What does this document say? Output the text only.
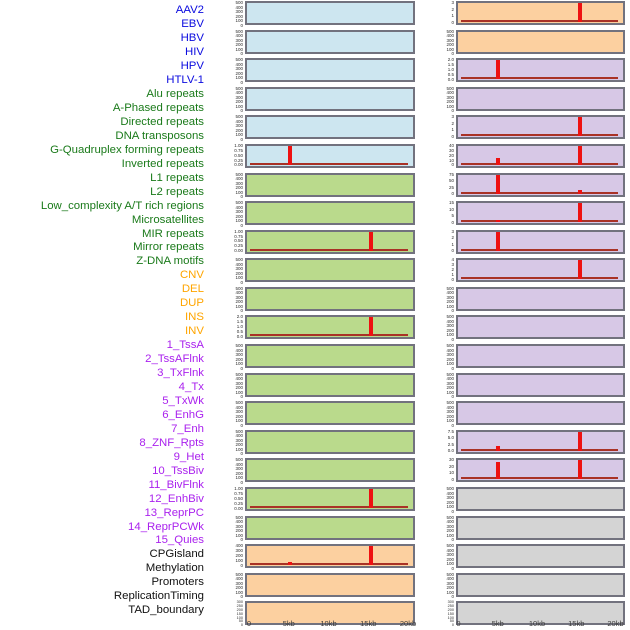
AAV2
EBV
HBV
HIV
HPV
HTLV-1
Alu repeats
A-Phased repeats
Directed repeats
DNA transposons
G-Quadruplex forming repeats
Inverted repeats
L1 repeats
L2 repeats
Low_complexity A/T rich regions
Microsatellites
MIR repeats
Mirror repeats
Z-DNA motifs
CNV
DEL
DUP
INS
INV
1_TssA
2_TssAFlnk
3_TxFlnk
4_Tx
5_TxWk
6_EnhG
7_Enh
8_ZNF_Rpts
9_Het
10_TssBiv
11_BivFlnk
12_EnhBiv
13_ReprPC
14_ReprPCWk
15_Quies
CPGisland
Methylation
Promoters
ReplicationTiming
TAD_boundary
500
400
300
200
100
0
500
400
300
200
100
0
500
400
300
200
100
0
500
400
300
200
100
0
500
400
300
200
100
0
1.00
0.75
0.50
0.25
0.00
500
400
300
200
100
0
500
400
300
200
100
0
1.00
0.75
0.50
0.25
0.00
500
400
300
200
100
0
500
400
300
200
100
0
2.0
1.5
1.0
0.5
0.0
500
400
300
200
100
0
500
400
300
200
100
0
500
400
300
200
100
0
500
400
300
200
100
0
500
400
300
200
100
0
1.00
0.75
0.50
0.25
0.00
500
400
300
200
100
0
400
300
200
100
0
500
400
300
200
100
0
300
250
200
150
100
50
0
3
2
1
0
500
400
300
200
100
0
2.0
1.5
1.0
0.5
0.0
500
400
300
200
100
0
3
2
1
0
40
30
20
10
0
75
50
25
0
15
10
5
0
3
2
1
0
4
3
2
1
0
500
400
300
200
100
0
500
400
300
200
100
0
500
400
300
200
100
0
500
400
300
200
100
0
500
400
300
200
100
0
7.5
5.0
2.5
0.0
30
20
10
0
500
400
300
200
100
0
500
400
300
200
100
0
500
400
300
200
100
0
500
400
300
200
100
0
300
250
200
150
100
50
0
0	5kb	10kb	15kb	20kb	0	5kb	10kb	15kb	20kb
